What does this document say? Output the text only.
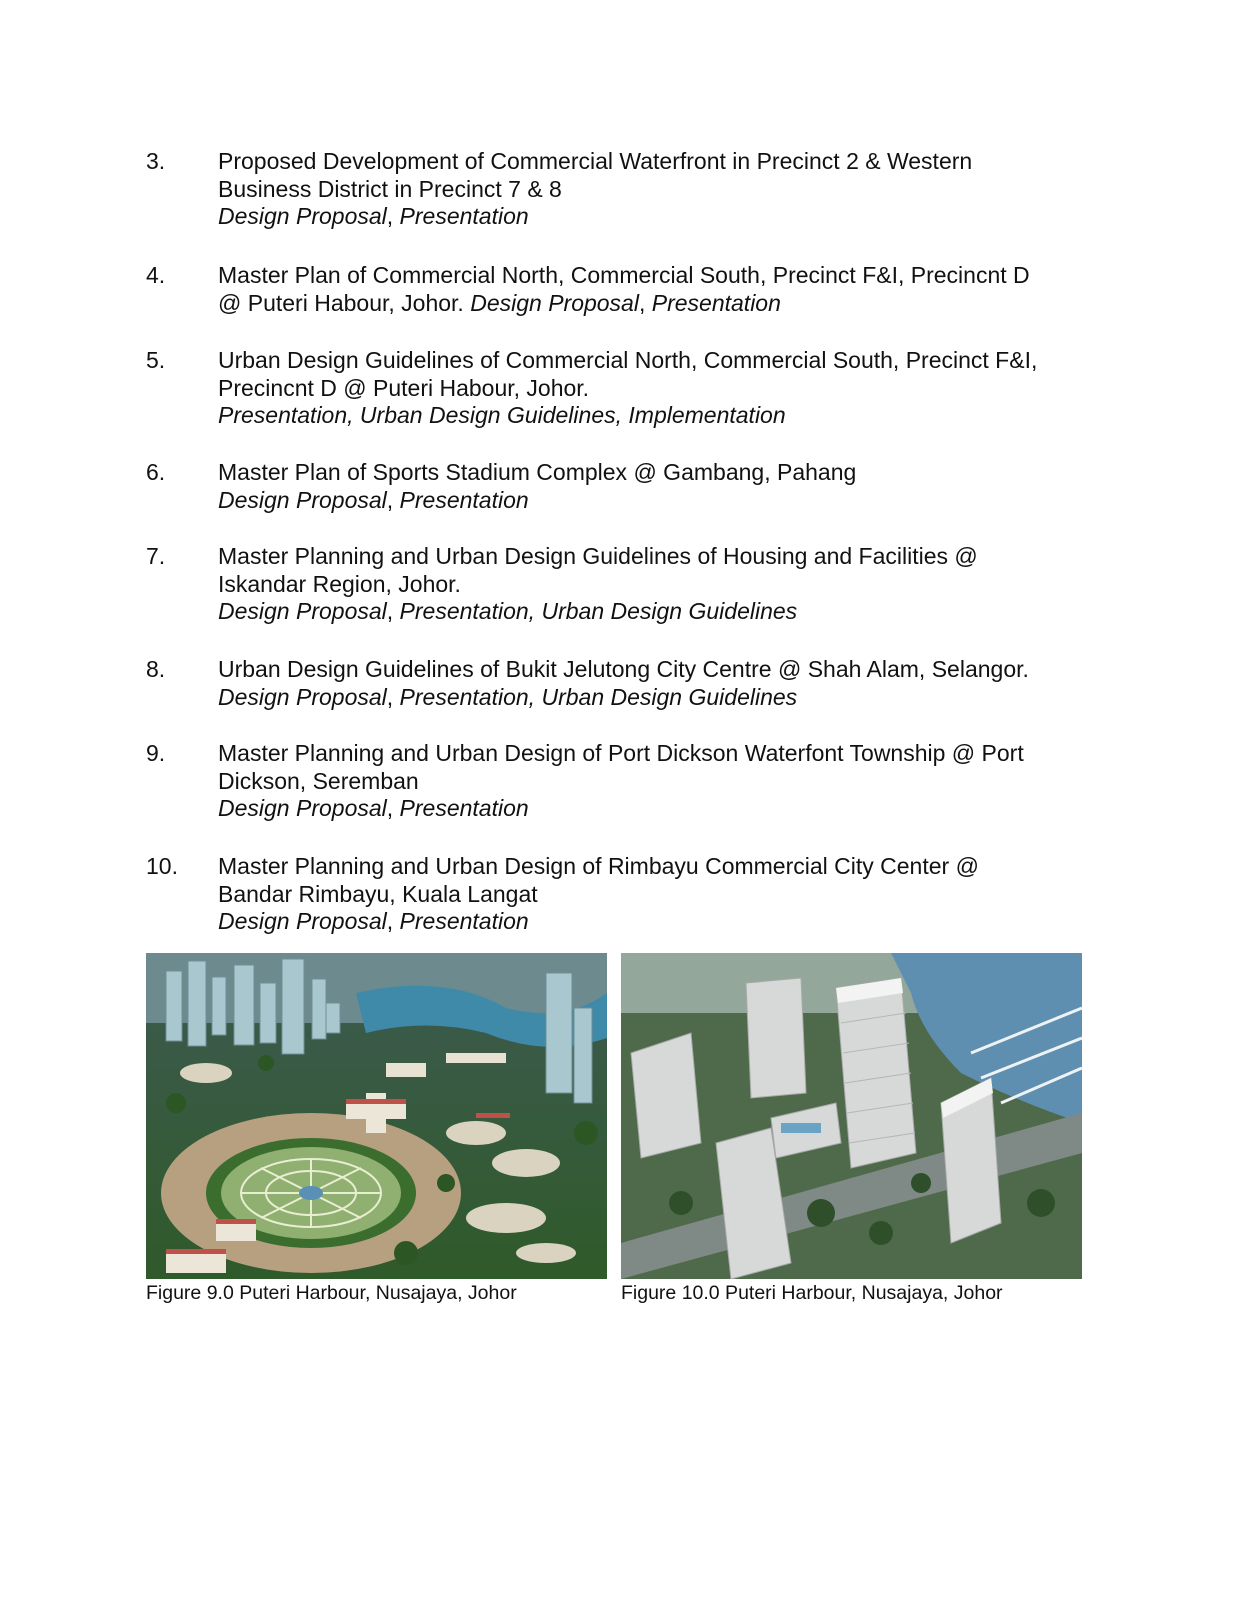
3. Proposed Development of Commercial Waterfront in Precinct 2 & Western
Business District in Precinct 7 & 8
Design Proposal, Presentation
4. Master Plan of Commercial North, Commercial South, Precinct F&I, Precincnt D
@ Puteri Habour, Johor. Design Proposal, Presentation
5. Urban Design Guidelines of Commercial North, Commercial South, Precinct F&I,
Precincnt D @ Puteri Habour, Johor.
Presentation, Urban Design Guidelines, Implementation
6. Master Plan of Sports Stadium Complex @ Gambang, Pahang
Design Proposal, Presentation
7. Master Planning and Urban Design Guidelines of Housing and Facilities @
Iskandar Region, Johor.
Design Proposal, Presentation, Urban Design Guidelines
8. Urban Design Guidelines of Bukit Jelutong City Centre @ Shah Alam, Selangor.
Design Proposal, Presentation, Urban Design Guidelines
9. Master Planning and Urban Design of Port Dickson Waterfont Township @ Port
Dickson, Seremban
Design Proposal, Presentation
10. Master Planning and Urban Design of Rimbayu Commercial City Center @
Bandar Rimbayu, Kuala Langat
Design Proposal, Presentation
Figure 9.0 Puteri Harbour, Nusajaya, Johor	Figure 10.0 Puteri Harbour, Nusajaya, Johor
